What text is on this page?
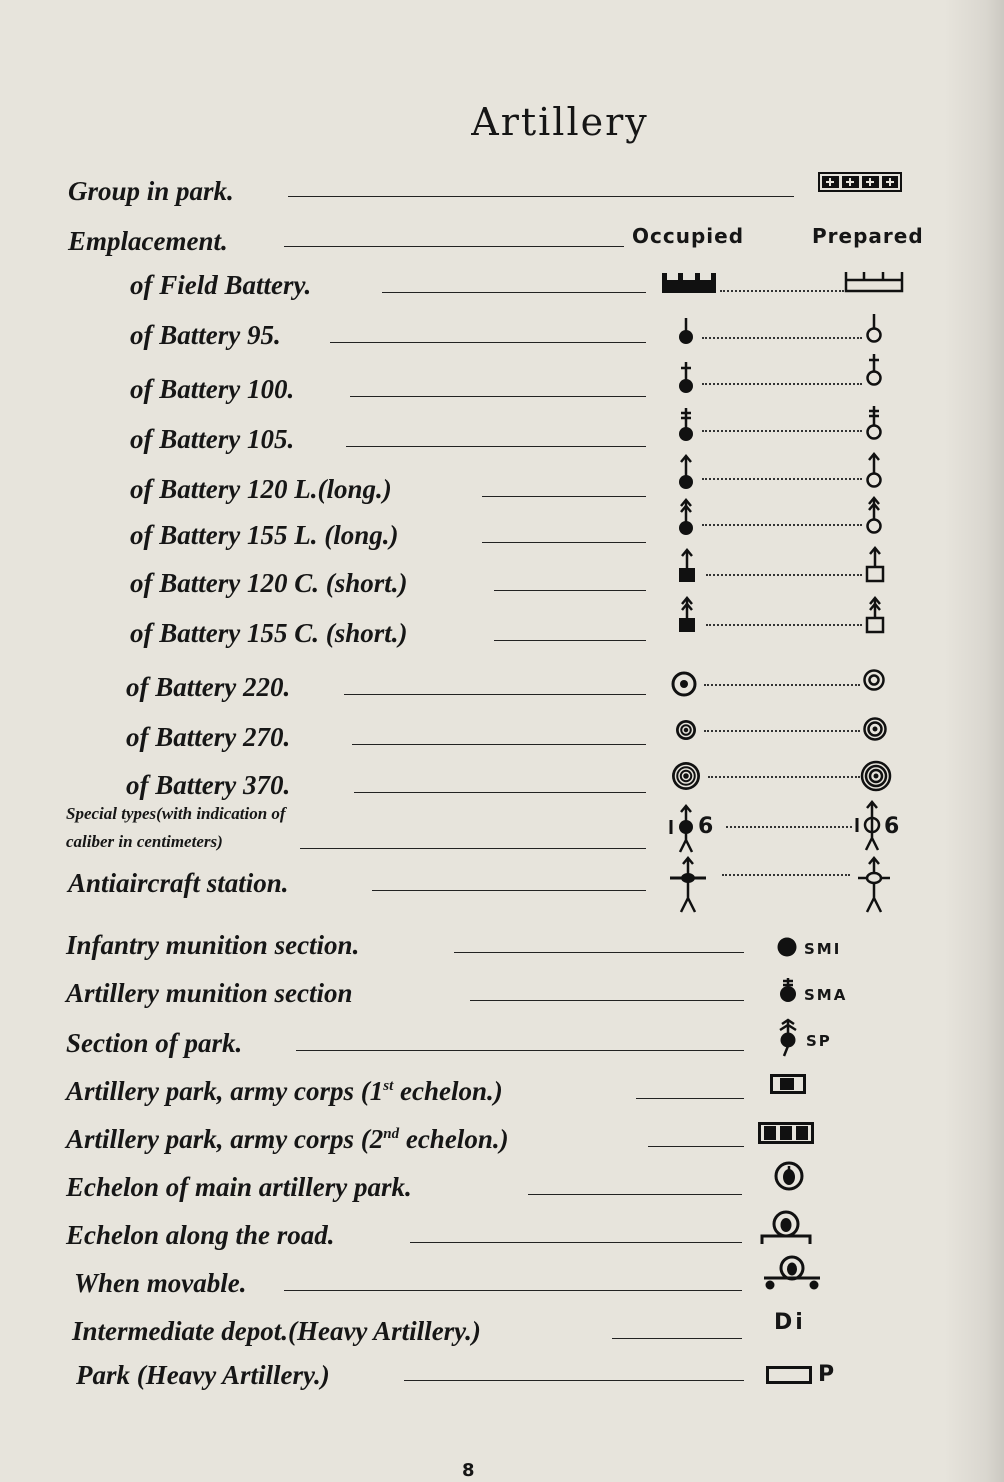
Artillery
Group in park.
Emplacement.	Occupied	Prepared
of Field Battery.
of Battery 95.
of Battery 100.
of Battery 105.
of Battery 120 L.(long.)
of Battery 155 L. (long.)
of Battery 120 C. (short.)
of Battery 155 C. (short.)
of Battery 220.
of Battery 270.
of Battery 370.
Special types(with indication of
caliber in centimeters)
6	6
Antiaircraft station.
Infantry munition section.	SMI
Artillery munition section	SMA
Section of park.	SP
Artillery park, army corps (1st echelon.)
Artillery park, army corps (2nd echelon.)
Echelon of main artillery park.
Echelon along the road.
When movable.
Intermediate depot.(Heavy Artillery.)	Di
Park (Heavy Artillery.)	P
8
